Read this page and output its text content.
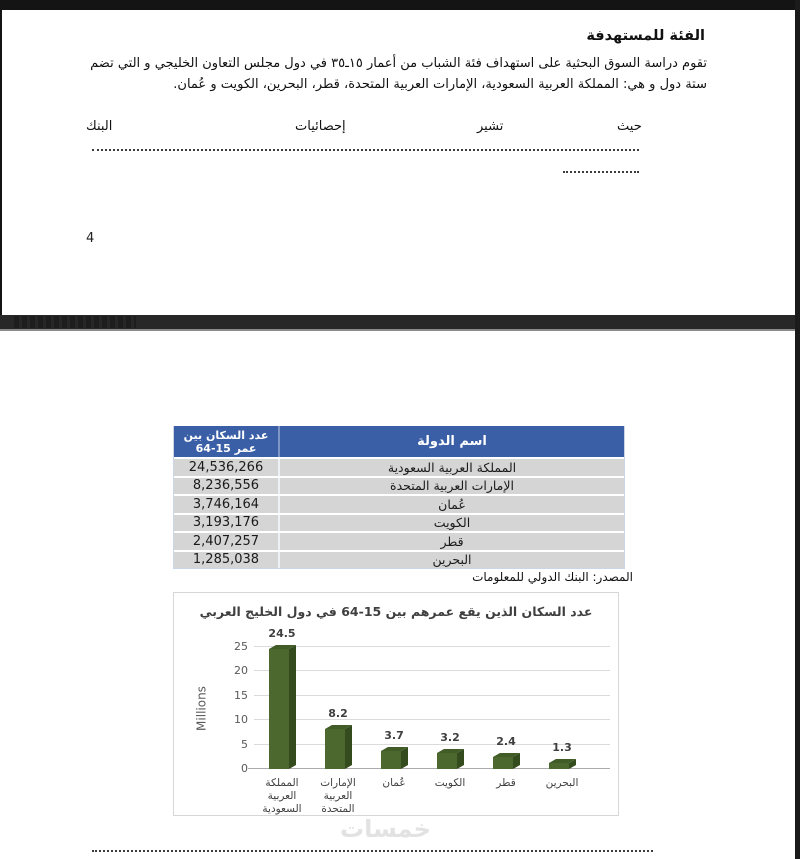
الفئة للمستهدفة
تقوم دراسة السوق البحثية على استهداف فئة الشباب من أعمار ١٥ـ٣٥ في دول مجلس التعاون الخليجي و التي تضم
ستة دول و هي: المملكة العربية السعودية، الإمارات العربية المتحدة، قطر، البحرين، الكويت و عُمان.
حيث
تشير
إحصائيات
البنك
4
اسم الدولة
عدد السكان بين
عمر 15-64
المملكة العربية السعودية
24,536,266
الإمارات العربية المتحدة
8,236,556
عُمان
3,746,164
الكويت
3,193,176
قطر
2,407,257
البحرين
1,285,038
المصدر: البنك الدولي للمعلومات
عدد السكان الذين يقع عمرهم بين 15-64 في دول الخليج العربي
Millions
0
5
10
15
20
25
24.5
8.2
3.7	3.2	2.4	1.3
المملكة
العربية
السعودية
الإمارات
العربية
المتحدة
عُمان	الكويت	قطر	البحرين
خمسات
